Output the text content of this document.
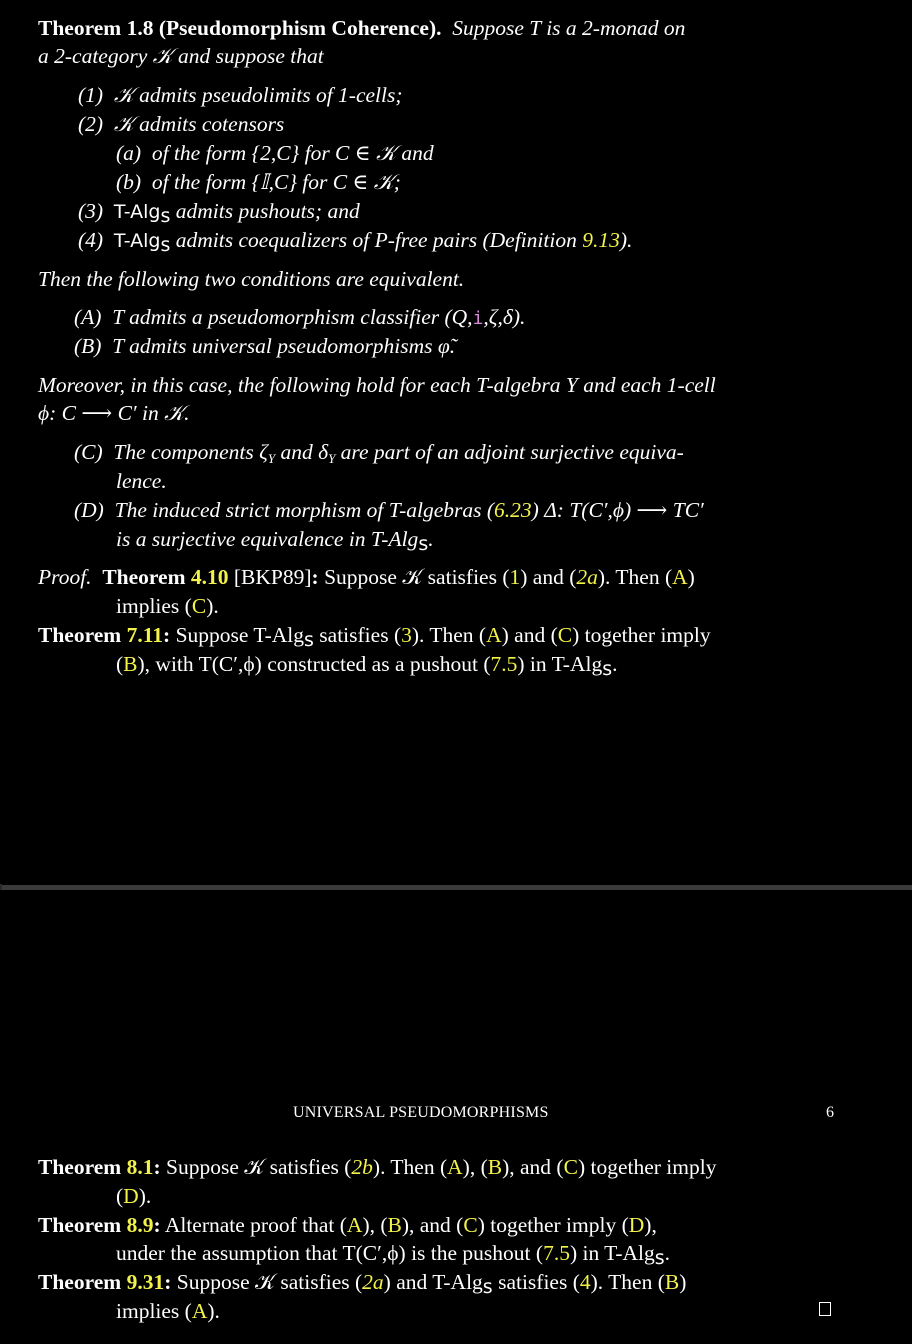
Theorem 1.8 (Pseudomorphism Coherence). Suppose T is a 2-monad on
a 2-category 𝒦 and suppose that
(1) 𝒦 admits pseudolimits of 1-cells;
(2) 𝒦 admits cotensors
(a) of the form {2,C} for C ∈ 𝒦 and
(b) of the form {𝕀,C} for C ∈ 𝒦;
(3) T-Alg$_s$ admits pushouts; and
(4) T-Alg$_s$ admits coequalizers of P-free pairs (Definition 9.13).
Then the following two conditions are equivalent.
(A) T admits a pseudomorphism classifier (Q,i,ζ,δ).
(B) T admits universal pseudomorphisms φ̃.
Moreover, in this case, the following hold for each T-algebra Y and each 1-cell
ϕ: C ⟶ C′ in 𝒦.
(C) The components $\zeta_Y$ and $\delta_Y$ are part of an adjoint surjective equiva-
lence.
(D) The induced strict morphism of T-algebras (6.23) Δ: T(C′,ϕ) ⟶ TC′
is a surjective equivalence in T-Alg$_s$.
Proof. Theorem 4.10 [BKP89]: Suppose 𝒦 satisfies (1) and (2a). Then (A)
implies (C).
Theorem 7.11: Suppose T-Alg$_s$ satisfies (3). Then (A) and (C) together imply
(B), with T(C′,ϕ) constructed as a pushout (7.5) in T-Alg$_s$.
UNIVERSAL PSEUDOMORPHISMS	6
Theorem 8.1: Suppose 𝒦 satisfies (2b). Then (A), (B), and (C) together imply
(D).
Theorem 8.9: Alternate proof that (A), (B), and (C) together imply (D),
under the assumption that T(C′,ϕ) is the pushout (7.5) in T-Alg$_s$.
Theorem 9.31: Suppose 𝒦 satisfies (2a) and T-Alg$_s$ satisfies (4). Then (B)
implies (A).
